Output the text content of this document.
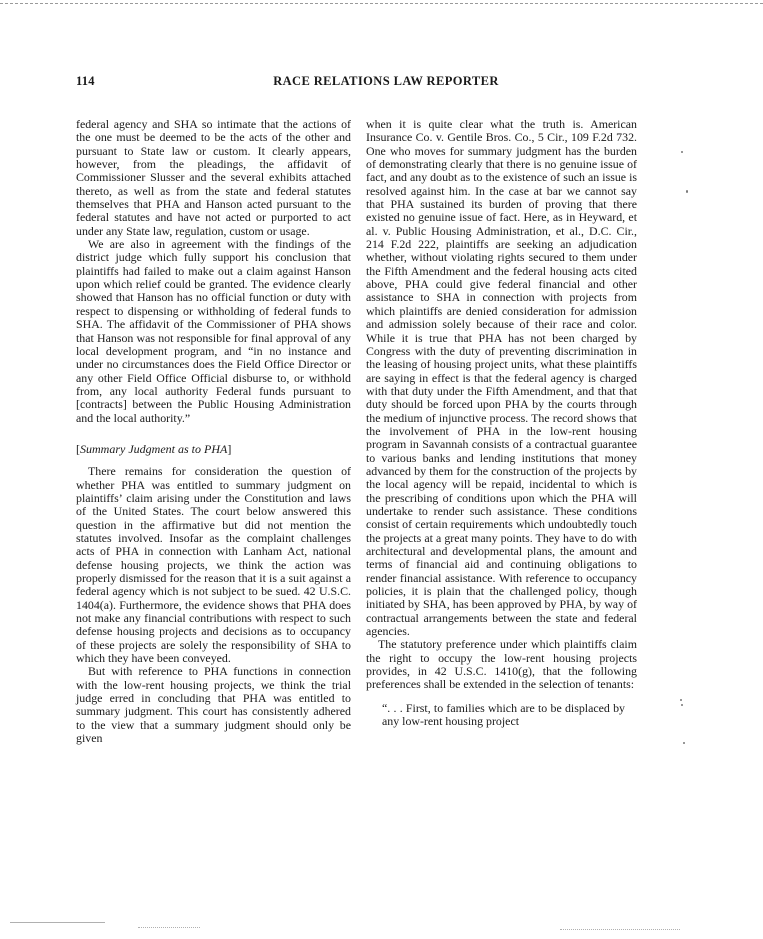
114	RACE RELATIONS LAW REPORTER

federal agency and SHA so intimate that the actions of the one must be deemed to be the acts of the other and pursuant to State law or custom. It clearly appears, however, from the pleadings, the affidavit of Commissioner Slusser and the several exhibits attached thereto, as well as from the state and federal statutes themselves that PHA and Hanson acted pursuant to the federal statutes and have not acted or purported to act under any State law, regulation, custom or usage.

We are also in agreement with the findings of the district judge which fully support his conclusion that plaintiffs had failed to make out a claim against Hanson upon which relief could be granted. The evidence clearly showed that Hanson has no official function or duty with respect to dispensing or withholding of federal funds to SHA. The affidavit of the Commissioner of PHA shows that Hanson was not responsible for final approval of any local development program, and “in no instance and under no circumstances does the Field Office Director or any other Field Office Official disburse to, or withhold from, any local authority Federal funds pursuant to [contracts] between the Public Housing Administration and the local authority.”

[Summary Judgment as to PHA]

There remains for consideration the question of whether PHA was entitled to summary judgment on plaintiffs’ claim arising under the Constitution and laws of the United States. The court below answered this question in the affirmative but did not mention the statutes involved. Insofar as the complaint challenges acts of PHA in connection with Lanham Act, national defense housing projects, we think the action was properly dismissed for the reason that it is a suit against a federal agency which is not subject to be sued. 42 U.S.C. 1404(a). Furthermore, the evidence shows that PHA does not make any financial contributions with respect to such defense housing projects and decisions as to occupancy of these projects are solely the responsibility of SHA to which they have been conveyed.

But with reference to PHA functions in connection with the low-rent housing projects, we think the trial judge erred in concluding that PHA was entitled to summary judgment. This court has consistently adhered to the view that a summary judgment should only be given

when it is quite clear what the truth is. American Insurance Co. v. Gentile Bros. Co., 5 Cir., 109 F.2d 732. One who moves for summary judgment has the burden of demonstrating clearly that there is no genuine issue of fact, and any doubt as to the existence of such an issue is resolved against him. In the case at bar we cannot say that PHA sustained its burden of proving that there existed no genuine issue of fact. Here, as in Heyward, et al. v. Public Housing Administration, et al., D.C. Cir., 214 F.2d 222, plaintiffs are seeking an adjudication whether, without violating rights secured to them under the Fifth Amendment and the federal housing acts cited above, PHA could give federal financial and other assistance to SHA in connection with projects from which plaintiffs are denied consideration for admission and admission solely because of their race and color. While it is true that PHA has not been charged by Congress with the duty of preventing discrimination in the leasing of housing project units, what these plaintiffs are saying in effect is that the federal agency is charged with that duty under the Fifth Amendment, and that that duty should be forced upon PHA by the courts through the medium of injunctive process. The record shows that the involvement of PHA in the low-rent housing program in Savannah consists of a contractual guarantee to various banks and lending institutions that money advanced by them for the construction of the projects by the local agency will be repaid, incidental to which is the prescribing of conditions upon which the PHA will undertake to render such assistance. These conditions consist of certain requirements which undoubtedly touch the projects at a great many points. They have to do with architectural and developmental plans, the amount and terms of financial aid and continuing obligations to render financial assistance. With reference to occupancy policies, it is plain that the challenged policy, though initiated by SHA, has been approved by PHA, by way of contractual arrangements between the state and federal agencies.

The statutory preference under which plaintiffs claim the right to occupy the low-rent housing projects provides, in 42 U.S.C. 1410(g), that the following preferences shall be extended in the selection of tenants:

“. . . First, to families which are to be displaced by any low-rent housing project
